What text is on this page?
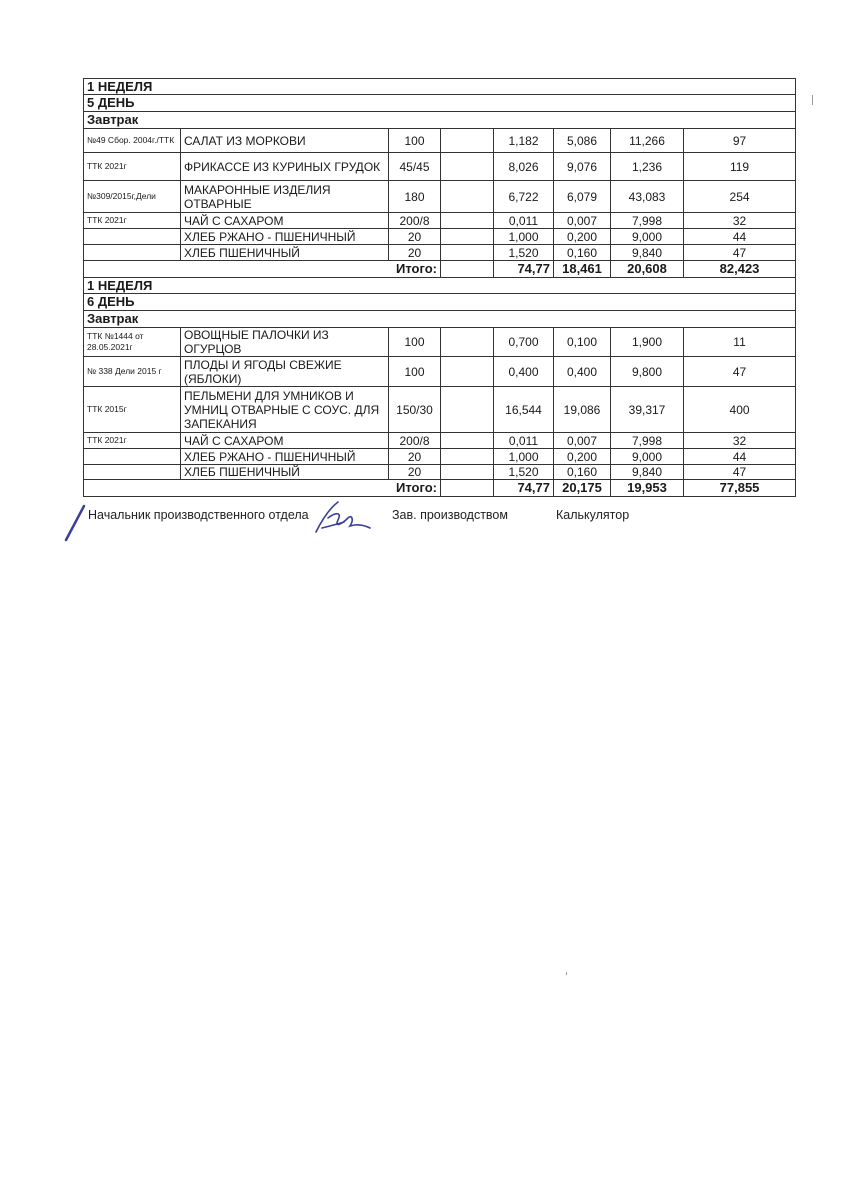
1 НЕДЕЛЯ								
5 ДЕНЬ								
Завтрак								
№49 Сбор. 2004г./ТТК	САЛАТ ИЗ МОРКОВИ	100		1,182	5,086	11,266	97	
ТТК 2021г	ФРИКАССЕ ИЗ КУРИНЫХ ГРУДОК	45/45		8,026	9,076	1,236	119	
№309/2015г,Дели	МАКАРОННЫЕ ИЗДЕЛИЯ ОТВАРНЫЕ	180		6,722	6,079	43,083	254	
ТТК 2021г	ЧАЙ С САХАРОМ	200/8		0,011	0,007	7,998	32	
	ХЛЕБ РЖАНО - ПШЕНИЧНЫЙ	20		1,000	0,200	9,000	44	
	ХЛЕБ ПШЕНИЧНЫЙ	20		1,520	0,160	9,840	47	
Итого:				74,77	18,461	20,608	82,423	
1 НЕДЕЛЯ								
6 ДЕНЬ								
Завтрак								
ТТК №1444 от 28.05.2021г	ОВОЩНЫЕ ПАЛОЧКИ ИЗ ОГУРЦОВ	100		0,700	0,100	1,900	11	
№ 338 Дели 2015 г	ПЛОДЫ И ЯГОДЫ СВЕЖИЕ (ЯБЛОКИ)	100		0,400	0,400	9,800	47	
ТТК 2015г	ПЕЛЬМЕНИ ДЛЯ УМНИКОВ И УМНИЦ ОТВАРНЫЕ С СОУС. ДЛЯ ЗАПЕКАНИЯ	150/30		16,544	19,086	39,317	400	
ТТК 2021г	ЧАЙ С САХАРОМ	200/8		0,011	0,007	7,998	32	
	ХЛЕБ РЖАНО - ПШЕНИЧНЫЙ	20		1,000	0,200	9,000	44	
	ХЛЕБ ПШЕНИЧНЫЙ	20		1,520	0,160	9,840	47	
Итого:				74,77	20,175	19,953	77,855	
Начальник производственного отдела	Зав. производством	Калькулятор
